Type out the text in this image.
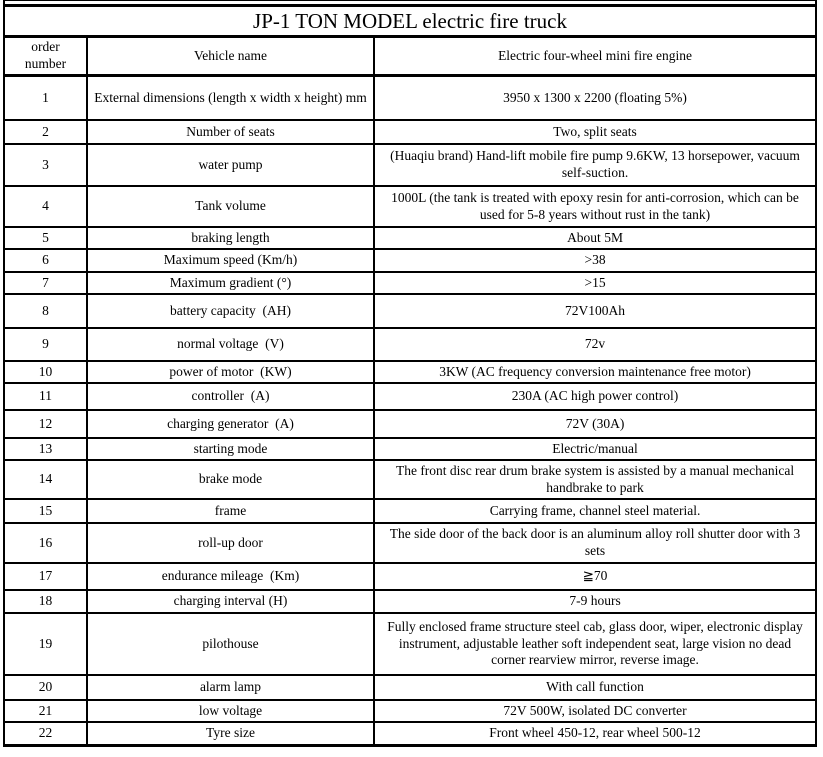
JP-1 TON MODEL electric fire truck		
order number	Vehicle name	Electric four-wheel mini fire engine
1	External dimensions (length x width x height) mm	3950 x 1300 x 2200 (floating 5%)
2	Number of seats	Two, split seats
3	water pump	(Huaqiu brand) Hand-lift mobile fire pump 9.6KW, 13 horsepower, vacuum self-suction.
4	Tank volume	1000L (the tank is treated with epoxy resin for anti-corrosion, which can be used for 5-8 years without rust in the tank)
5	braking length	About 5M
6	Maximum speed (Km/h)	>38
7	Maximum gradient (°)	>15
8	battery capacity  (AH)	72V100Ah
9	normal voltage  (V)	72v
10	power of motor  (KW)	3KW (AC frequency conversion maintenance free motor)
11	controller  (A)	230A (AC high power control)
12	charging generator  (A)	72V (30A)
13	starting mode	Electric/manual
14	brake mode	The front disc rear drum brake system is assisted by a manual mechanical handbrake to park
15	frame	Carrying frame, channel steel material.
16	roll-up door	The side door of the back door is an aluminum alloy roll shutter door with 3 sets
17	endurance mileage  (Km)	≧70
18	charging interval (H)	7-9 hours
19	pilothouse	Fully enclosed frame structure steel cab, glass door, wiper, electronic display instrument, adjustable leather soft independent seat, large vision no dead corner rearview mirror, reverse image.
20	alarm lamp	With call function
21	low voltage	72V 500W, isolated DC converter
22	Tyre size	Front wheel 450-12, rear wheel 500-12
